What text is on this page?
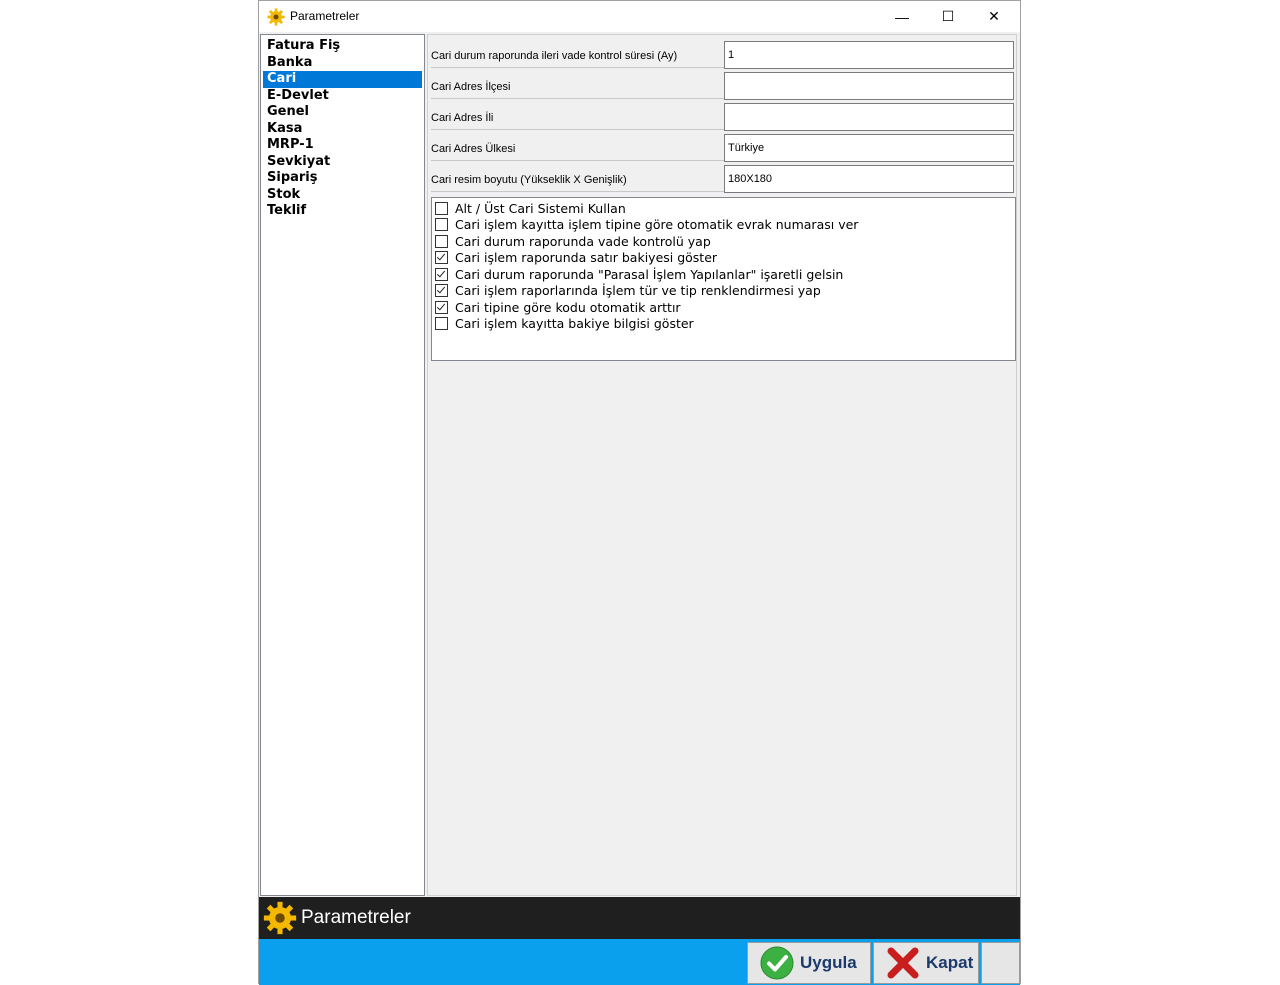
Parametreler	— ☐ ✕
Fatura Fiş
Banka
Cari
E-Devlet
Genel
Kasa
MRP-1
Sevkiyat
Sipariş
Stok
Teklif
Cari durum raporunda ileri vade kontrol süresi (Ay)
1
Cari Adres İlçesi
Cari Adres İli
Cari Adres Ülkesi
Türkiye
Cari resim boyutu (Yükseklik X Genişlik)
180X180
Alt / Üst Cari Sistemi Kullan
Cari işlem kayıtta işlem tipine göre otomatik evrak numarası ver
Cari durum raporunda vade kontrolü yap
Cari işlem raporunda satır bakiyesi göster
Cari durum raporunda "Parasal İşlem Yapılanlar" işaretli gelsin
Cari işlem raporlarında İşlem tür ve tip renklendirmesi yap
Cari tipine göre kodu otomatik arttır
Cari işlem kayıtta bakiye bilgisi göster
Parametreler
Uygula	Kapat
